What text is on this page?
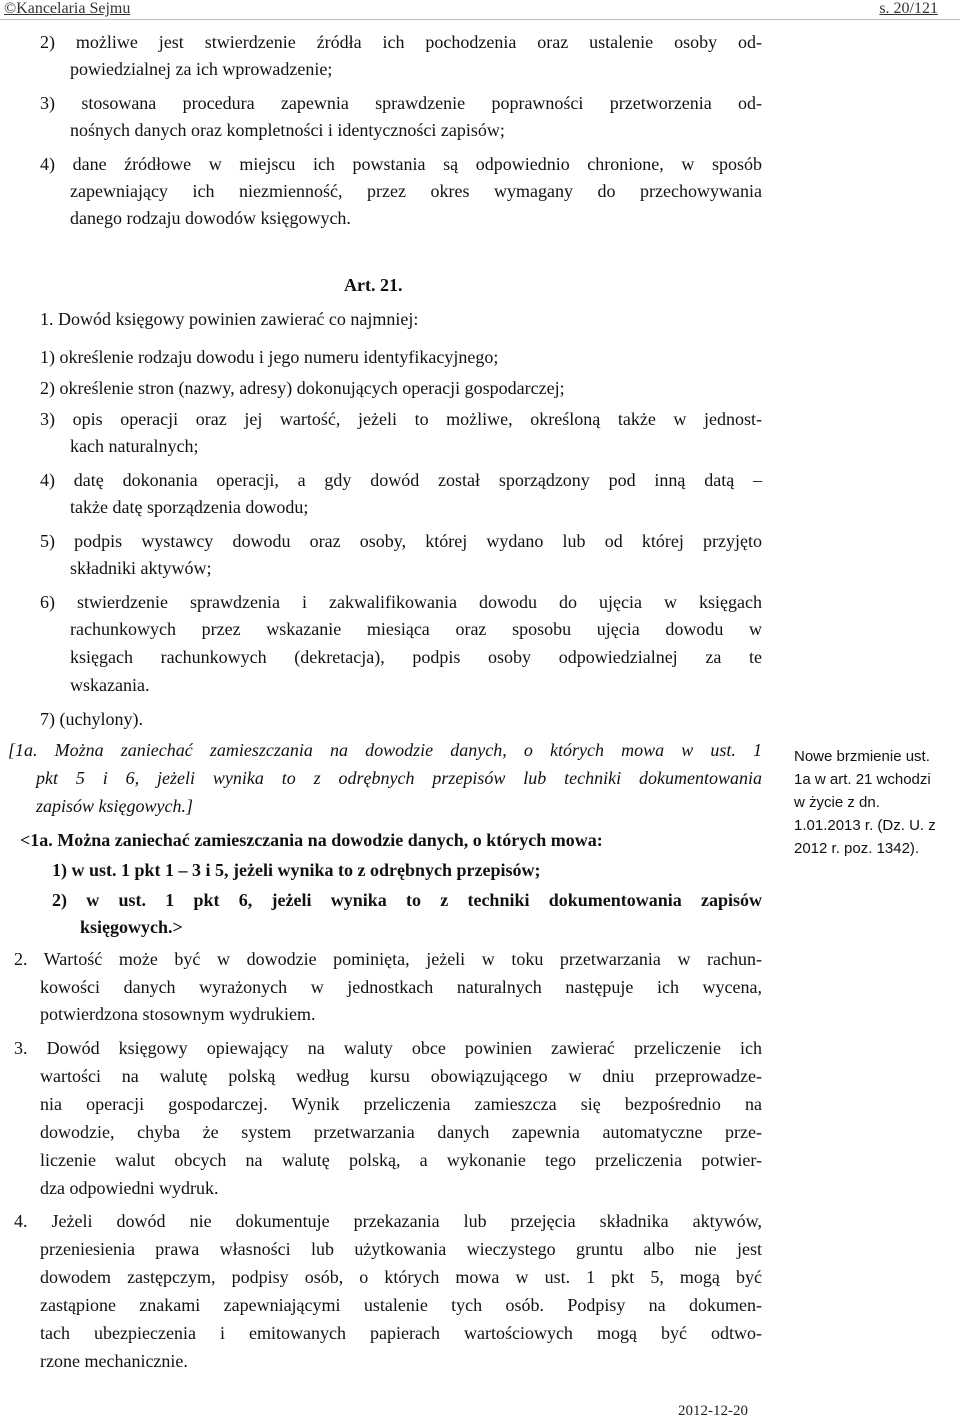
©Kancelaria Sejmu	s. 20/121
2) możliwe jest stwierdzenie źródła ich pochodzenia oraz ustalenie osoby od-
powiedzialnej za ich wprowadzenie;
3) stosowana procedura zapewnia sprawdzenie poprawności przetworzenia od-
nośnych danych oraz kompletności i identyczności zapisów;
4) dane źródłowe w miejscu ich powstania są odpowiednio chronione, w sposób
zapewniający ich niezmienność, przez okres wymagany do przechowywania
danego rodzaju dowodów księgowych.
Art. 21.
1. Dowód księgowy powinien zawierać co najmniej:
1) określenie rodzaju dowodu i jego numeru identyfikacyjnego;
2) określenie stron (nazwy, adresy) dokonujących operacji gospodarczej;
3) opis operacji oraz jej wartość, jeżeli to możliwe, określoną także w jednost-
kach naturalnych;
4) datę dokonania operacji, a gdy dowód został sporządzony pod inną datą –
także datę sporządzenia dowodu;
5) podpis wystawcy dowodu oraz osoby, której wydano lub od której przyjęto
składniki aktywów;
6) stwierdzenie sprawdzenia i zakwalifikowania dowodu do ujęcia w księgach
rachunkowych przez wskazanie miesiąca oraz sposobu ujęcia dowodu w
księgach rachunkowych (dekretacja), podpis osoby odpowiedzialnej za te
wskazania.
7) (uchylony).
[1a. Można zaniechać zamieszczania na dowodzie danych, o których mowa w ust. 1
pkt 5 i 6, jeżeli wynika to z odrębnych przepisów lub techniki dokumentowania
zapisów księgowych.]
<1a. Można zaniechać zamieszczania na dowodzie danych, o których mowa:
1) w ust. 1 pkt 1 – 3 i 5, jeżeli wynika to z odrębnych przepisów;
2) w ust. 1 pkt 6, jeżeli wynika to z techniki dokumentowania zapisów
księgowych.>
2. Wartość może być w dowodzie pominięta, jeżeli w toku przetwarzania w rachun-
kowości danych wyrażonych w jednostkach naturalnych następuje ich wycena,
potwierdzona stosownym wydrukiem.
3. Dowód księgowy opiewający na waluty obce powinien zawierać przeliczenie ich
wartości na walutę polską według kursu obowiązującego w dniu przeprowadze-
nia operacji gospodarczej. Wynik przeliczenia zamieszcza się bezpośrednio na
dowodzie, chyba że system przetwarzania danych zapewnia automatyczne prze-
liczenie walut obcych na walutę polską, a wykonanie tego przeliczenia potwier-
dza odpowiedni wydruk.
4. Jeżeli dowód nie dokumentuje przekazania lub przejęcia składnika aktywów,
przeniesienia prawa własności lub użytkowania wieczystego gruntu albo nie jest
dowodem zastępczym, podpisy osób, o których mowa w ust. 1 pkt 5, mogą być
zastąpione znakami zapewniającymi ustalenie tych osób. Podpisy na dokumen-
tach ubezpieczenia i emitowanych papierach wartościowych mogą być odtwo-
rzone mechanicznie.
Nowe brzmienie ust.
1a w art. 21 wchodzi
w życie z dn.
1.01.2013 r. (Dz. U. z
2012 r. poz. 1342).
2012-12-20
